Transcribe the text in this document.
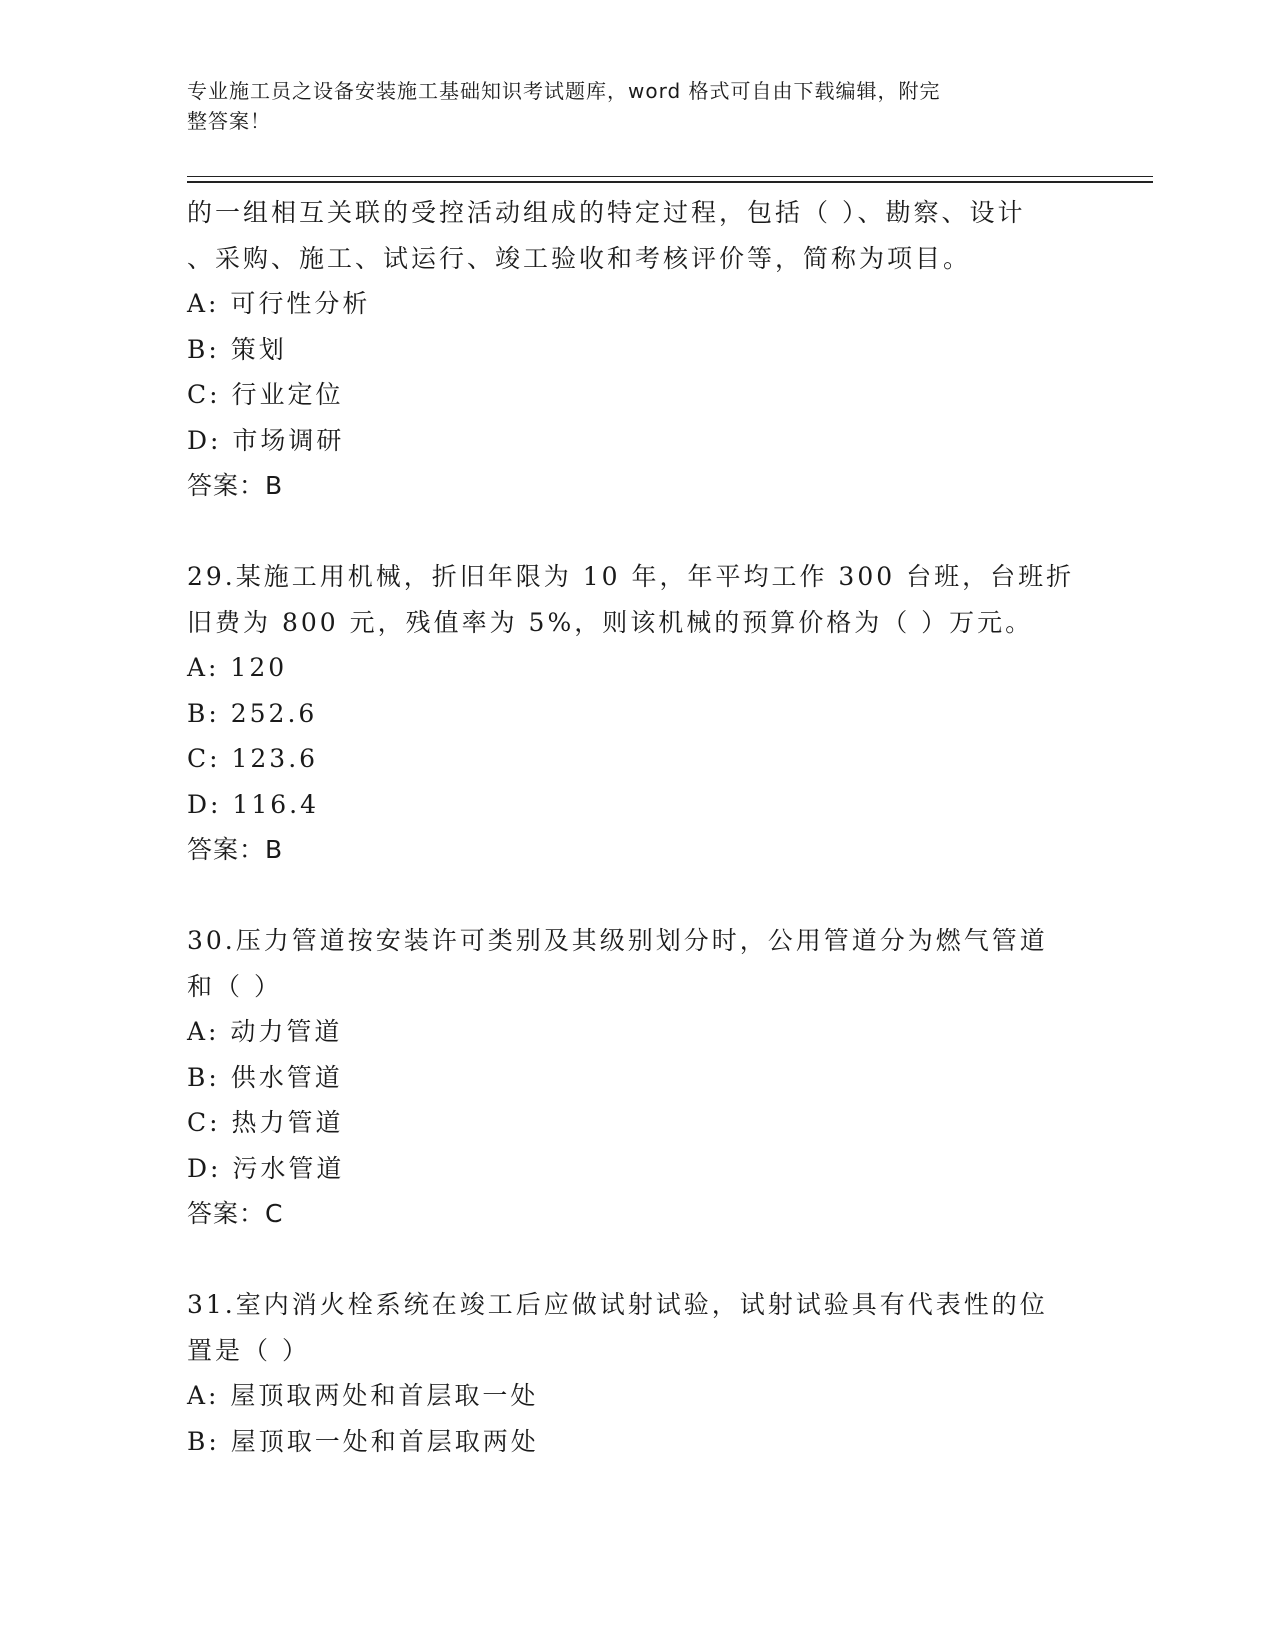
专业施工员之设备安装施工基础知识考试题库，word 格式可自由下载编辑，附完
整答案！
的一组相互关联的受控活动组成的特定过程，包括（ ）、勘察、设计
、采购、施工、试运行、竣工验收和考核评价等，简称为项目。
A: 可行性分析
B: 策划
C: 行业定位
D: 市场调研
答案：B
29.某施工用机械，折旧年限为 10 年，年平均工作 300 台班，台班折
旧费为 800 元，残值率为 5%，则该机械的预算价格为（ ）万元。
A: 120
B: 252.6
C: 123.6
D: 116.4
答案：B
30.压力管道按安装许可类别及其级别划分时，公用管道分为燃气管道
和（ ）
A: 动力管道
B: 供水管道
C: 热力管道
D: 污水管道
答案：C
31.室内消火栓系统在竣工后应做试射试验，试射试验具有代表性的位
置是（ ）
A: 屋顶取两处和首层取一处
B: 屋顶取一处和首层取两处
